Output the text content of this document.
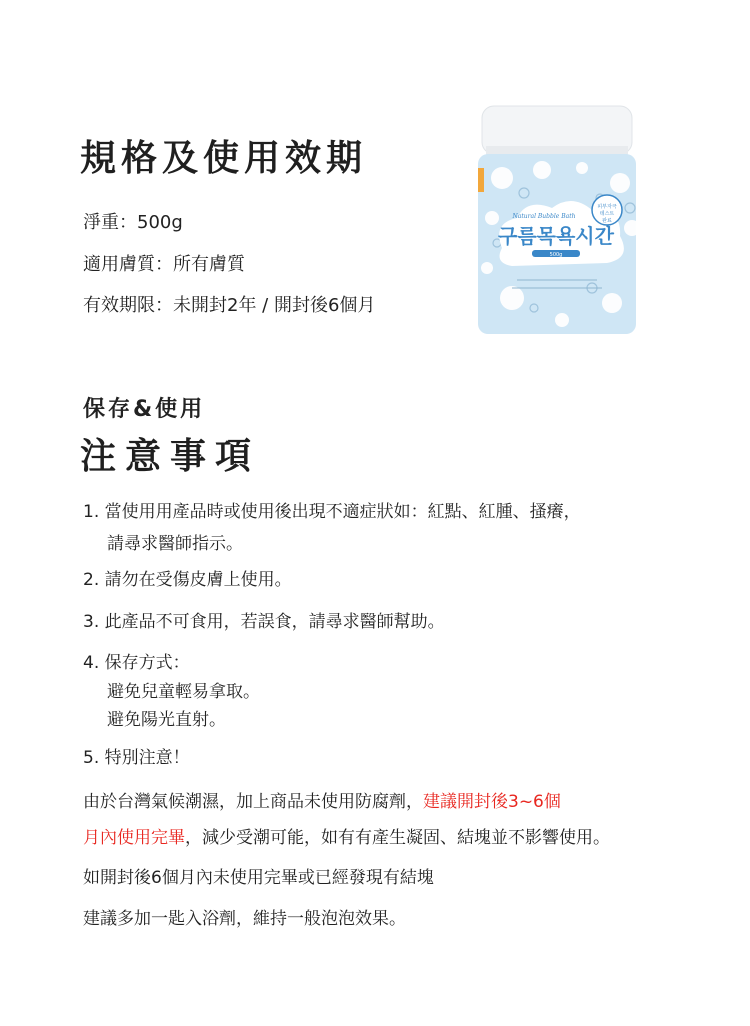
規格及使用效期
淨重：500g
適用膚質：所有膚質
有效期限：未開封2年 / 開封後6個月
피부자극
테스트
완료
Natural Bubble Bath
구름목욕시간
500g
保存&使用
注意事項
1. 當使用用產品時或使用後出現不適症狀如：紅點、紅腫、搔癢，
請尋求醫師指示。
2. 請勿在受傷皮膚上使用。
3. 此產品不可食用，若誤食，請尋求醫師幫助。
4. 保存方式：
避免兒童輕易拿取。
避免陽光直射。
5. 特別注意！
由於台灣氣候潮濕，加上商品未使用防腐劑，建議開封後3~6個
月內使用完畢，減少受潮可能，如有有產生凝固、結塊並不影響使用。
如開封後6個月內未使用完畢或已經發現有結塊
建議多加一匙入浴劑，維持一般泡泡效果。
